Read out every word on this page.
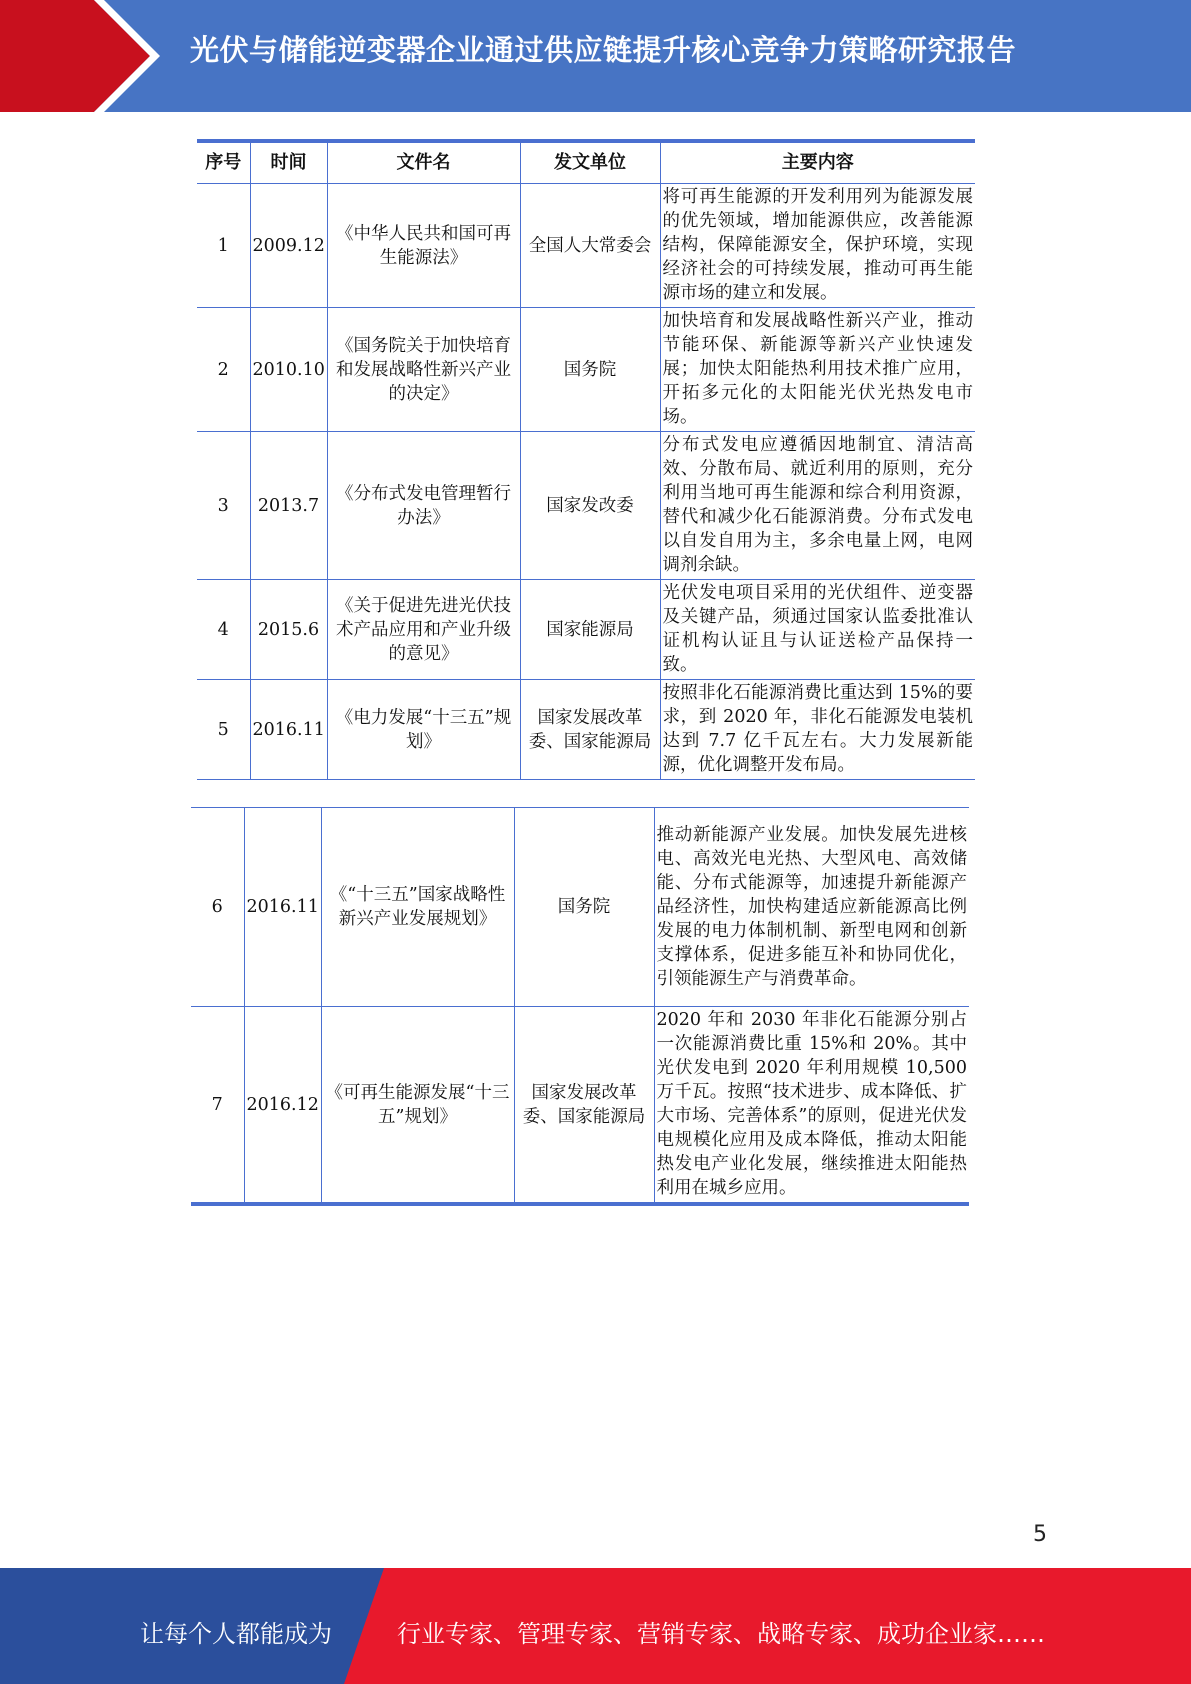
光伏与储能逆变器企业通过供应链提升核心竞争力策略研究报告
序号	时间	文件名	发文单位	主要内容
1	2009.12	《中华人民共和国可再生能源法》	全国人大常委会	将可再生能源的开发利用列为能源发展的优先领域，增加能源供应，改善能源结构，保障能源安全，保护环境，实现经济社会的可持续发展，推动可再生能源市场的建立和发展。
2	2010.10	《国务院关于加快培育和发展战略性新兴产业的决定》	国务院	加快培育和发展战略性新兴产业，推动节能环保、新能源等新兴产业快速发展；加快太阳能热利用技术推广应用，开拓多元化的太阳能光伏光热发电市场。
3	2013.7	《分布式发电管理暂行办法》	国家发改委	分布式发电应遵循因地制宜、清洁高效、分散布局、就近利用的原则，充分利用当地可再生能源和综合利用资源，替代和减少化石能源消费。分布式发电以自发自用为主，多余电量上网，电网调剂余缺。
4	2015.6	《关于促进先进光伏技术产品应用和产业升级的意见》	国家能源局	光伏发电项目采用的光伏组件、逆变器及关键产品，须通过国家认监委批准认证机构认证且与认证送检产品保持一致。
5	2016.11	《电力发展“十三五”规划》	国家发展改革委、国家能源局	按照非化石能源消费比重达到 15%的要求，到 2020 年，非化石能源发电装机达到 7.7 亿千瓦左右。大力发展新能源，优化调整开发布局。
6	2016.11	《“十三五”国家战略性新兴产业发展规划》	国务院	推动新能源产业发展。加快发展先进核电、高效光电光热、大型风电、高效储能、分布式能源等，加速提升新能源产品经济性，加快构建适应新能源高比例发展的电力体制机制、新型电网和创新支撑体系，促进多能互补和协同优化，引领能源生产与消费革命。
7	2016.12	《可再生能源发展“十三五”规划》	国家发展改革委、国家能源局	2020 年和 2030 年非化石能源分别占一次能源消费比重 15%和 20%。其中光伏发电到 2020 年利用规模 10,500 万千瓦。按照“技术进步、成本降低、扩大市场、完善体系”的原则，促进光伏发电规模化应用及成本降低，推动太阳能热发电产业化发展，继续推进太阳能热利用在城乡应用。
5
让每个人都能成为	行业专家、管理专家、营销专家、战略专家、成功企业家……
